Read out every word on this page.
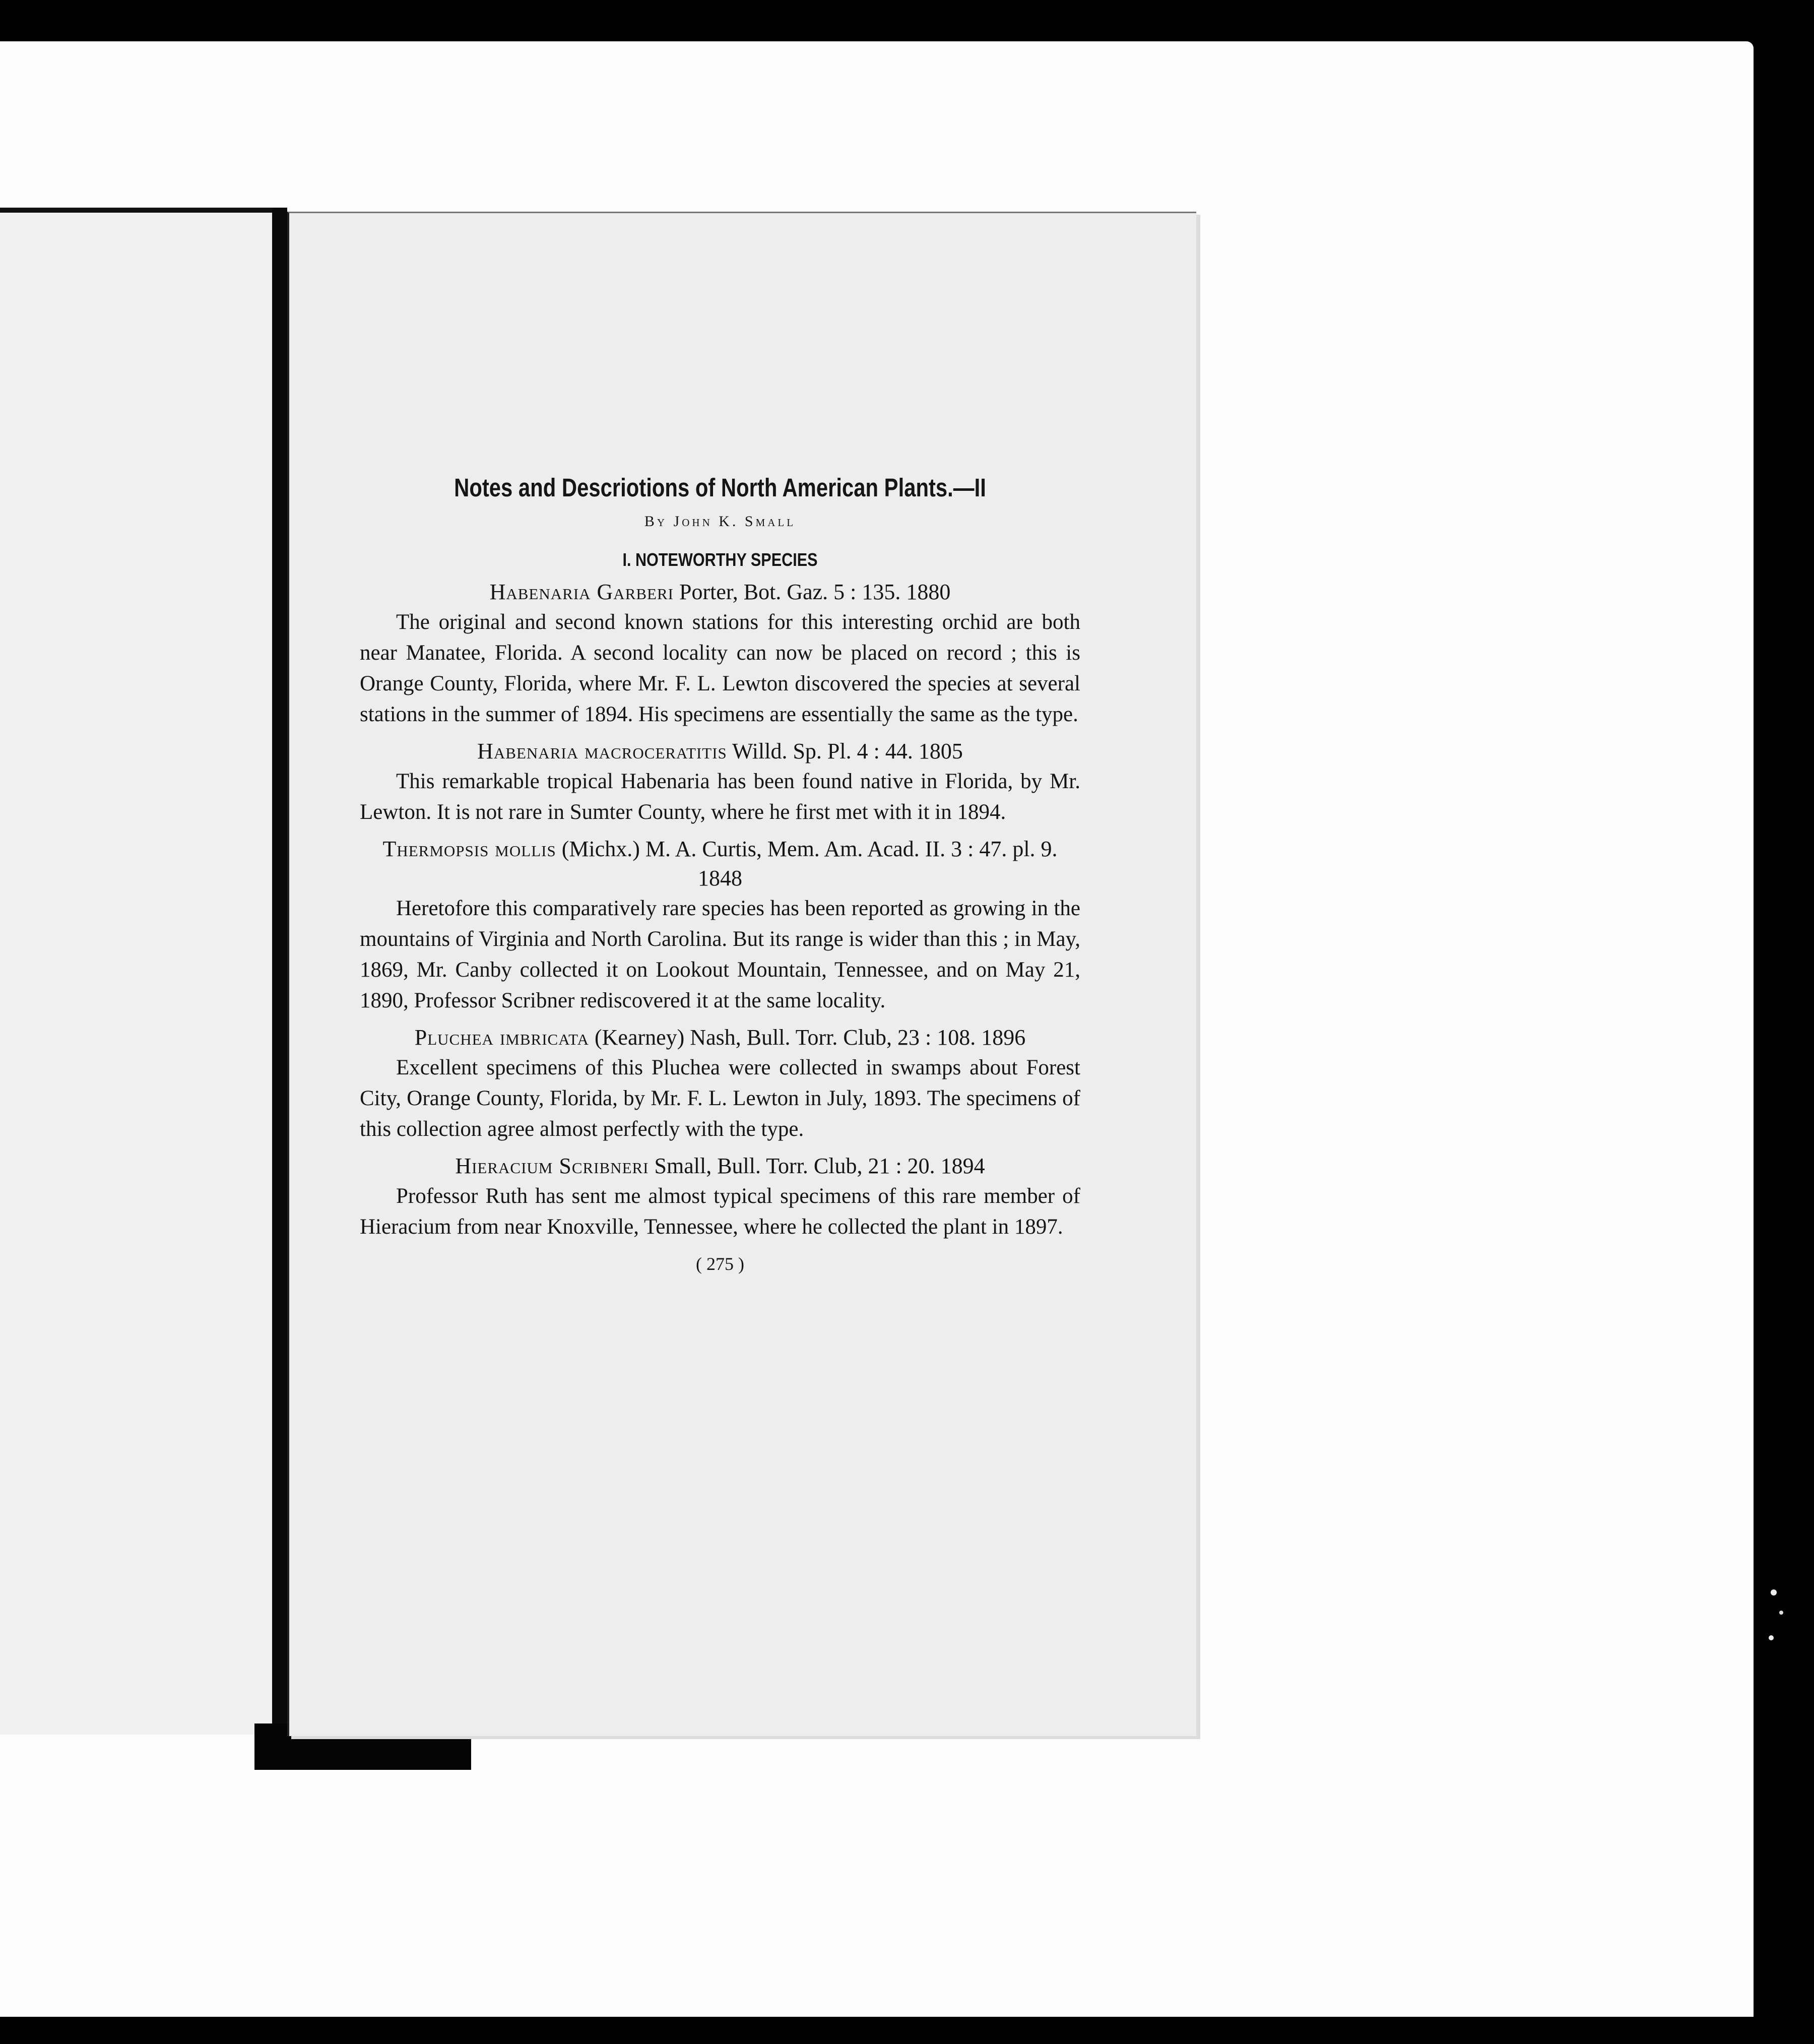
Notes and Descriotions of North American Plants.—II
By John K. Small
I. NOTEWORTHY SPECIES
Habenaria Garberi Porter, Bot. Gaz. 5 : 135. 1880

The original and second known stations for this interesting orchid are both near Manatee, Florida. A second locality can now be placed on record ; this is Orange County, Florida, where Mr. F. L. Lewton discovered the species at several stations in the summer of 1894. His specimens are essentially the same as the type.

Habenaria macroceratitis Willd. Sp. Pl. 4 : 44. 1805

This remarkable tropical Habenaria has been found native in Florida, by Mr. Lewton. It is not rare in Sumter County, where he first met with it in 1894.

Thermopsis mollis (Michx.) M. A. Curtis, Mem. Am. Acad. II. 3 : 47. pl. 9. 1848

Heretofore this comparatively rare species has been reported as growing in the mountains of Virginia and North Carolina. But its range is wider than this ; in May, 1869, Mr. Canby collected it on Lookout Mountain, Tennessee, and on May 21, 1890, Professor Scribner rediscovered it at the same locality.

Pluchea imbricata (Kearney) Nash, Bull. Torr. Club, 23 : 108. 1896

Excellent specimens of this Pluchea were collected in swamps about Forest City, Orange County, Florida, by Mr. F. L. Lewton in July, 1893. The specimens of this collection agree almost perfectly with the type.

Hieracium Scribneri Small, Bull. Torr. Club, 21 : 20. 1894

Professor Ruth has sent me almost typical specimens of this rare member of Hieracium from near Knoxville, Tennessee, where he collected the plant in 1897.

( 275 )
